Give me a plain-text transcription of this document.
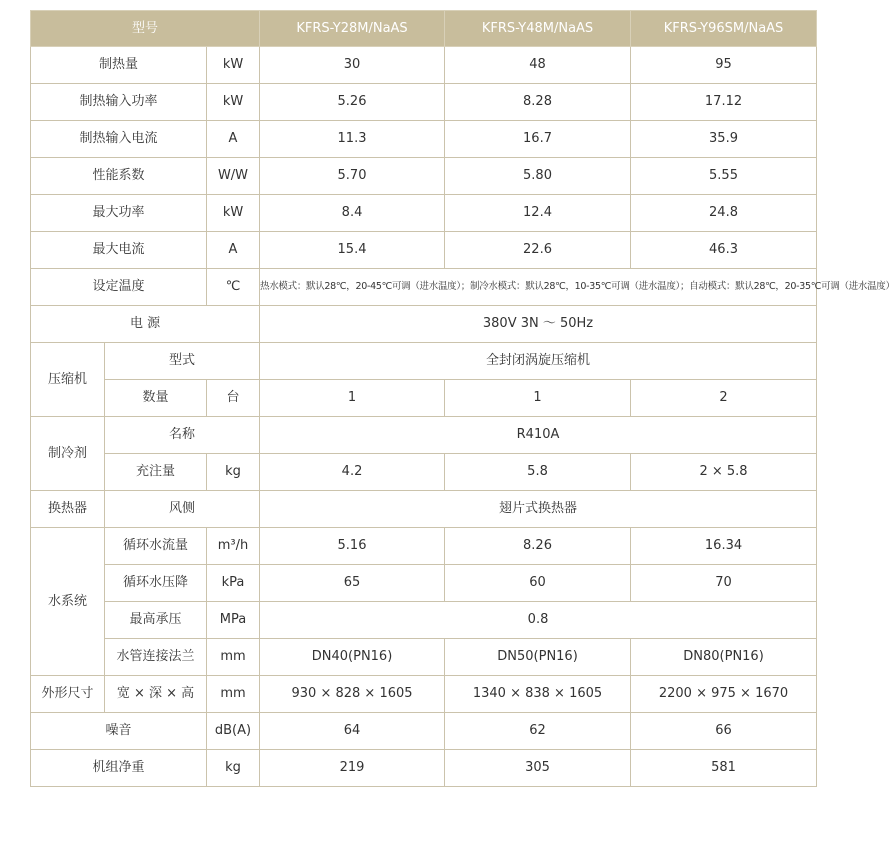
型号			KFRS-Y28M/NaAS	KFRS-Y48M/NaAS	KFRS-Y96SM/NaAS
制热量		kW	30	48	95
制热输入功率		kW	5.26	8.28	17.12
制热输入电流		A	11.3	16.7	35.9
性能系数		W/W	5.70	5.80	5.55
最大功率		kW	8.4	12.4	24.8
最大电流		A	15.4	22.6	46.3
设定温度		℃	热水模式：默认28℃，20-45℃可调（进水温度）；制冷水模式：默认28℃，10-35℃可调（进水温度）；自动模式：默认28℃，20-35℃可调（进水温度）		
电 源			380V 3N ～ 50Hz		
压缩机	型式		全封闭涡旋压缩机		
	数量	台	1	1	2
制冷剂	名称		R410A		
	充注量	kg	4.2	5.8	2 × 5.8
换热器	风侧		翅片式换热器		
水系统	循环水流量	m³/h	5.16	8.26	16.34
	循环水压降	kPa	65	60	70
	最高承压	MPa	0.8		
	水管连接法兰	mm	DN40(PN16)	DN50(PN16)	DN80(PN16)
外形尺寸	宽 × 深 × 高	mm	930 × 828 × 1605	1340 × 838 × 1605	2200 × 975 × 1670
噪音		dB(A)	64	62	66
机组净重		kg	219	305	581
